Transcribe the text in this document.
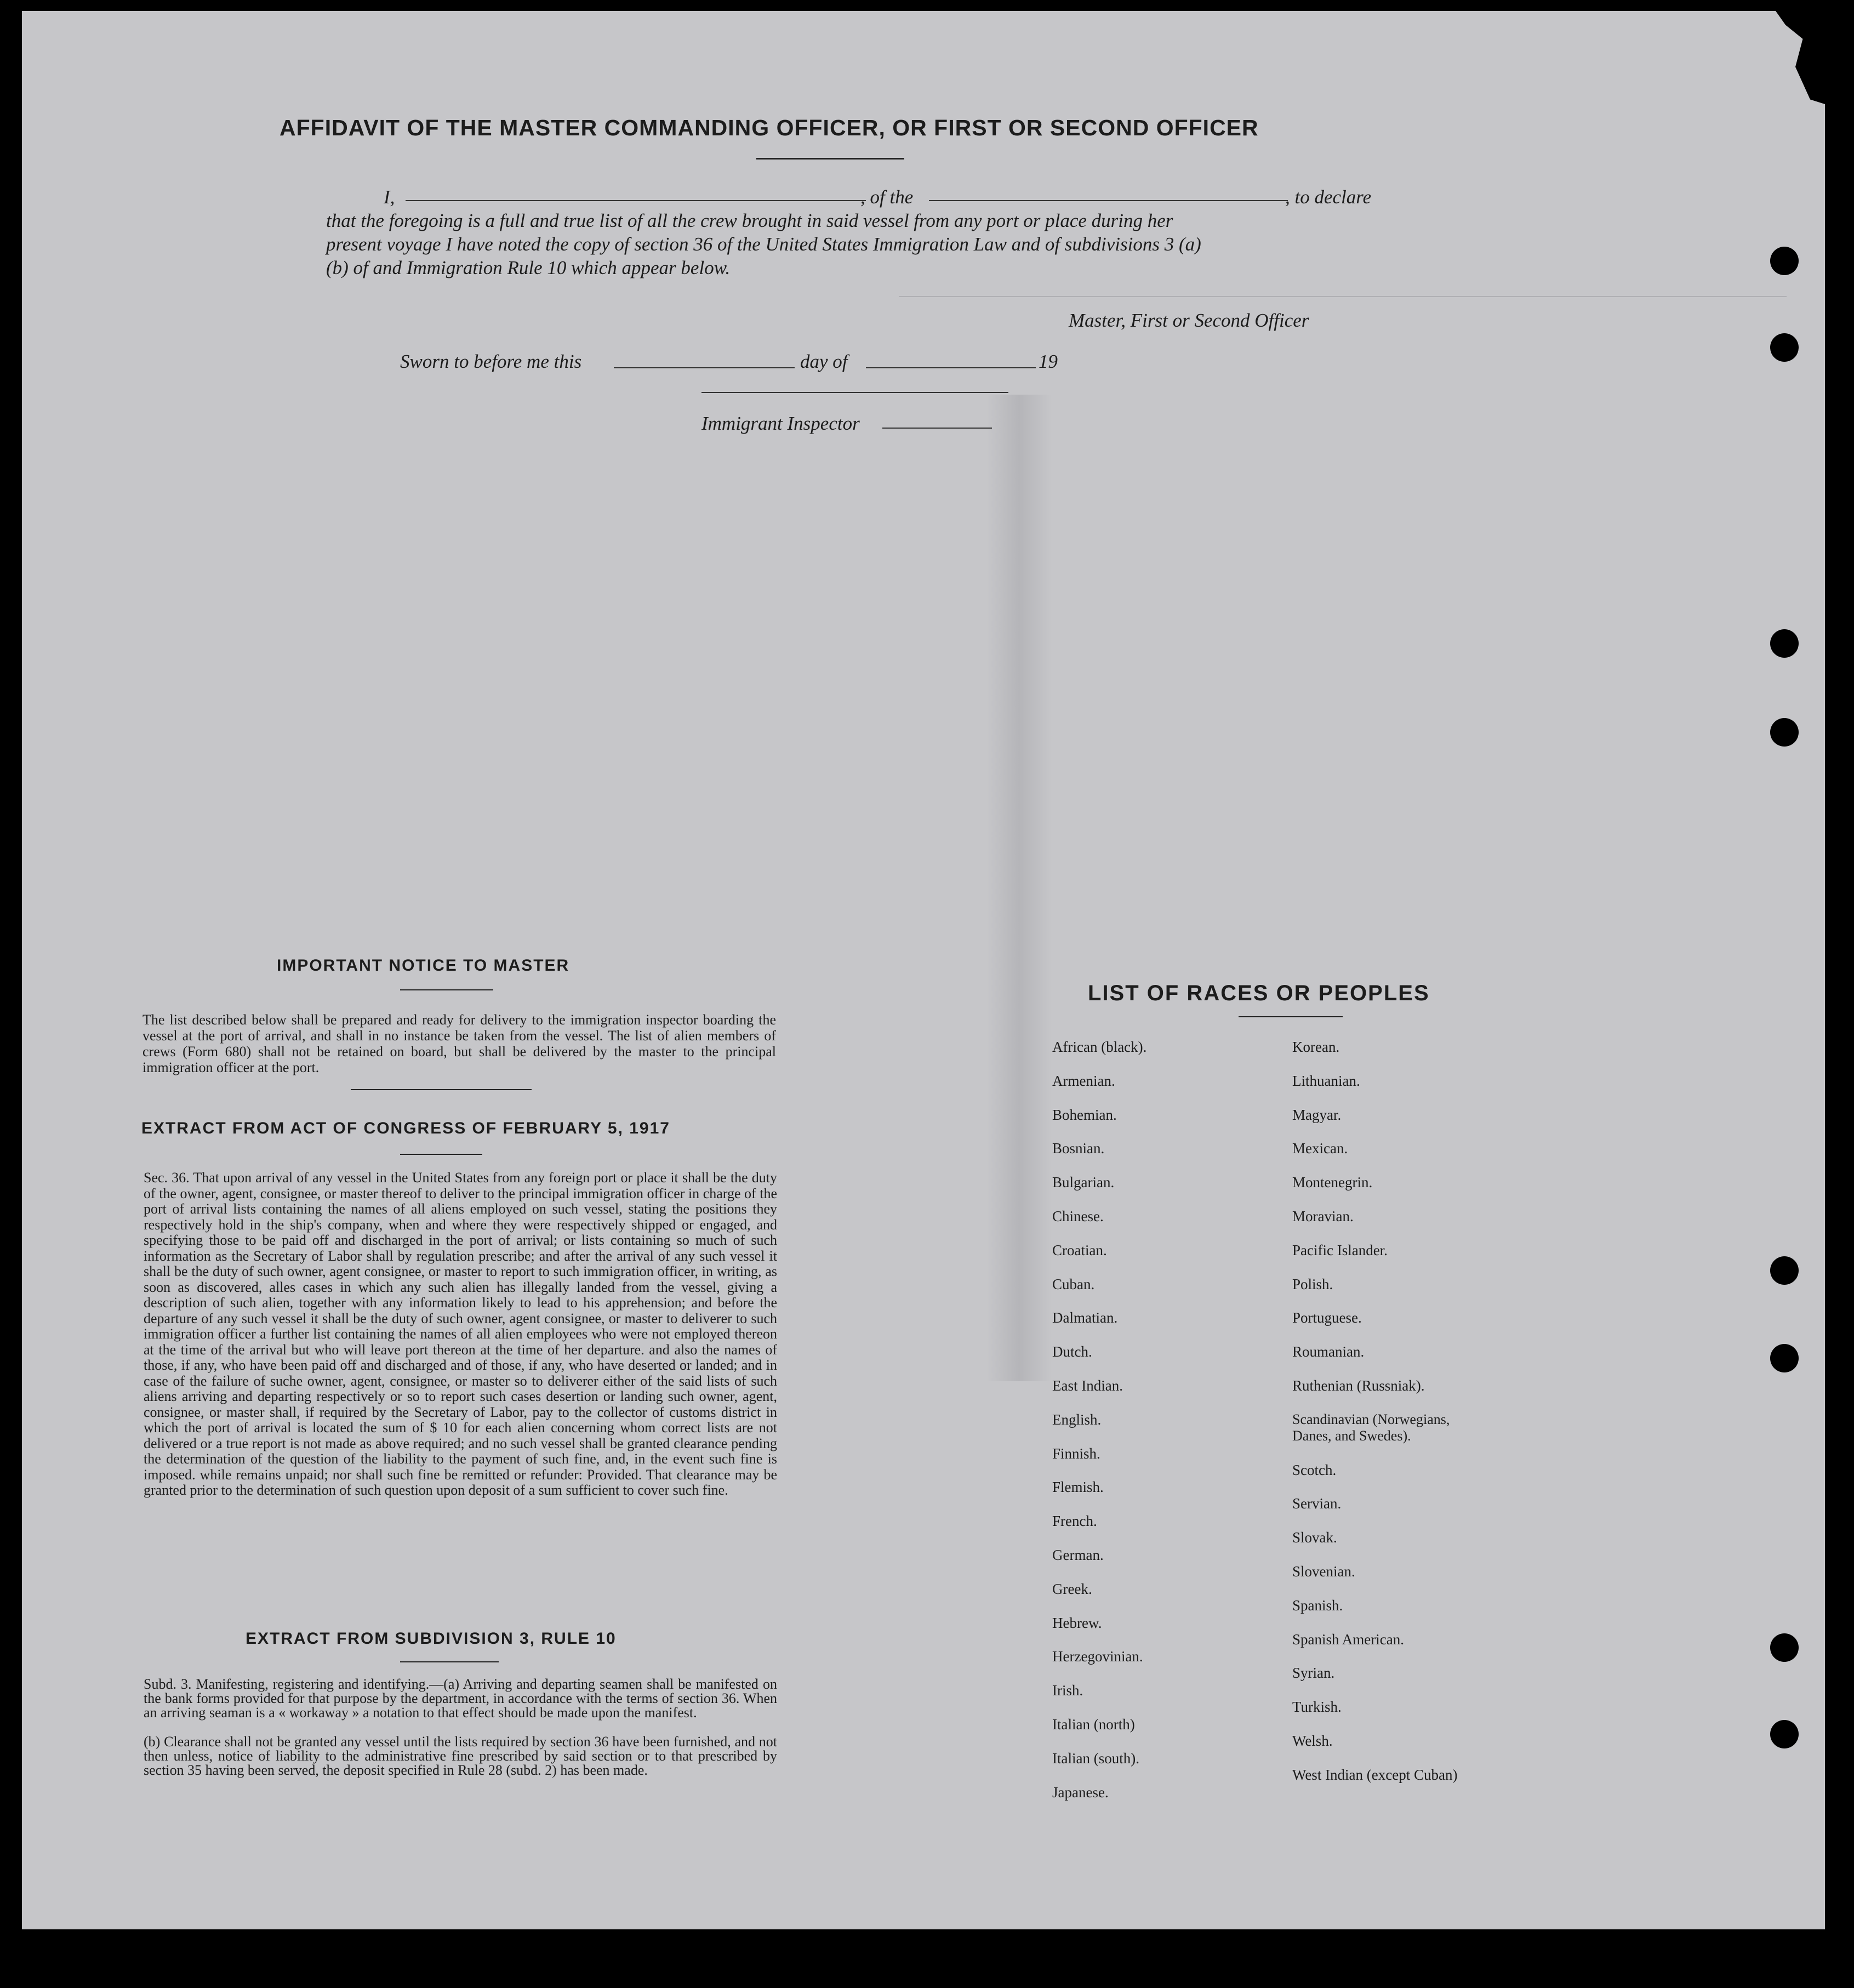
AFFIDAVIT OF THE MASTER COMMANDING OFFICER, OR FIRST OR SECOND OFFICER
I,	, of the	, to declare
that the foregoing is a full and true list of all the crew brought in said vessel from any port or place during her
present voyage I have noted the copy of section 36 of the United States Immigration Law and of subdivisions 3 (a)
(b) of and Immigration Rule 10 which appear below.
Master, First or Second Officer
Sworn to before me this	day of	19
Immigrant Inspector
IMPORTANT NOTICE TO MASTER
The list described below shall be prepared and ready for delivery to the immigration inspector boarding the vessel at the port of arrival, and shall in no instance be taken from the vessel. The list of alien members of crews (Form 680) shall not be retained on board, but shall be delivered by the master to the principal immigration officer at the port.
EXTRACT FROM ACT OF CONGRESS OF FEBRUARY 5, 1917
Sec. 36. That upon arrival of any vessel in the United States from any foreign port or place it shall be the duty of the owner, agent, consignee, or master thereof to deliver to the principal immigration officer in charge of the port of arrival lists containing the names of all aliens employed on such vessel, stating the positions they respectively hold in the ship's company, when and where they were respectively shipped or engaged, and specifying those to be paid off and discharged in the port of arrival; or lists containing so much of such information as the Secretary of Labor shall by regulation prescribe; and after the arrival of any such vessel it shall be the duty of such owner, agent consignee, or master to report to such immigration officer, in writing, as soon as discovered, alles cases in which any such alien has illegally landed from the vessel, giving a description of such alien, together with any information likely to lead to his apprehension; and before the departure of any such vessel it shall be the duty of such owner, agent consignee, or master to deliverer to such immigration officer a further list containing the names of all alien employees who were not employed thereon at the time of the arrival but who will leave port thereon at the time of her departure. and also the names of those, if any, who have been paid off and discharged and of those, if any, who have deserted or landed; and in case of the failure of suche owner, agent, consignee, or master so to deliverer either of the said lists of such aliens arriving and departing respectively or so to report such cases desertion or landing such owner, agent, consignee, or master shall, if required by the Secretary of Labor, pay to the collector of customs district in which the port of arrival is located the sum of $ 10 for each alien concerning whom correct lists are not delivered or a true report is not made as above required; and no such vessel shall be granted clearance pending the determination of the question of the liability to the payment of such fine, and, in the event such fine is imposed. while remains unpaid; nor shall such fine be remitted or refunder: Provided. That clearance may be granted prior to the determination of such question upon deposit of a sum sufficient to cover such fine.
EXTRACT FROM SUBDIVISION 3, RULE 10
Subd. 3. Manifesting, registering and identifying.—(a) Arriving and departing seamen shall be manifested on the bank forms provided for that purpose by the department, in accordance with the terms of section 36. When an arriving seaman is a « workaway » a notation to that effect should be made upon the manifest.
(b) Clearance shall not be granted any vessel until the lists required by section 36 have been furnished, and not then unless, notice of liability to the administrative fine prescribed by said section or to that prescribed by section 35 having been served, the deposit specified in Rule 28 (subd. 2) has been made.
LIST OF RACES OR PEOPLES
African (black).
Armenian.
Bohemian.
Bosnian.
Bulgarian.
Chinese.
Croatian.
Cuban.
Dalmatian.
Dutch.
East Indian.
English.
Finnish.
Flemish.
French.
German.
Greek.
Hebrew.
Herzegovinian.
Irish.
Italian (north)
Italian (south).
Japanese.
Korean.
Lithuanian.
Magyar.
Mexican.
Montenegrin.
Moravian.
Pacific Islander.
Polish.
Portuguese.
Roumanian.
Ruthenian (Russniak).
Scandinavian (Norwegians, Danes, and Swedes).
Scotch.
Servian.
Slovak.
Slovenian.
Spanish.
Spanish American.
Syrian.
Turkish.
Welsh.
West Indian (except Cuban)
